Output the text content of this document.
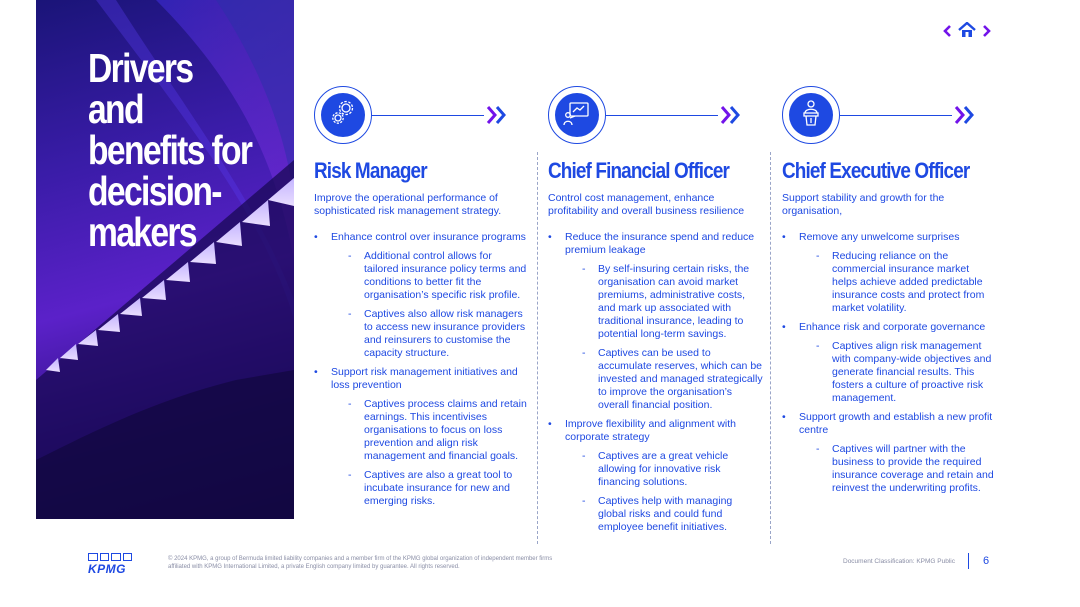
Drivers and
benefits for
decision-
makers
Risk Manager
Improve the operational performance of sophisticated risk management strategy.
• Enhance control over insurance programs
- Additional control allows for tailored insurance policy terms and conditions to better fit the organisation’s specific risk profile.
- Captives also allow risk managers to access new insurance providers and reinsurers to customise the capacity structure.
• Support risk management initiatives and loss prevention
- Captives process claims and retain earnings. This incentivises organisations to focus on loss prevention and align risk management and financial goals.
- Captives are also a great tool to incubate insurance for new and emerging risks.
Chief Financial Officer
Control cost management, enhance profitability and overall business resilience
• Reduce the insurance spend and reduce premium leakage
- By self-insuring certain risks, the organisation can avoid market premiums, administrative costs, and mark up associated with traditional insurance, leading to potential long-term savings.
- Captives can be used to accumulate reserves, which can be invested and managed strategically to improve the organisation’s overall financial position.
• Improve flexibility and alignment with corporate strategy
- Captives are a great vehicle allowing for innovative risk financing solutions.
- Captives help with managing global risks and could fund employee benefit initiatives.
Chief Executive Officer
Support stability and growth for the organisation,
• Remove any unwelcome surprises
- Reducing reliance on the commercial insurance market helps achieve added predictable insurance costs and protect from market volatility.
• Enhance risk and corporate governance
- Captives align risk management with company-wide objectives and generate financial results. This fosters a culture of proactive risk management.
• Support growth and establish a new profit centre
- Captives will partner with the business to provide the required insurance coverage and retain and reinvest the underwriting profits.
KPMG
© 2024 KPMG, a group of Bermuda limited liability companies and a member firm of the KPMG global organization of independent member firms affiliated with KPMG International Limited, a private English company limited by guarantee. All rights reserved.
Document Classification: KPMG Public	6
